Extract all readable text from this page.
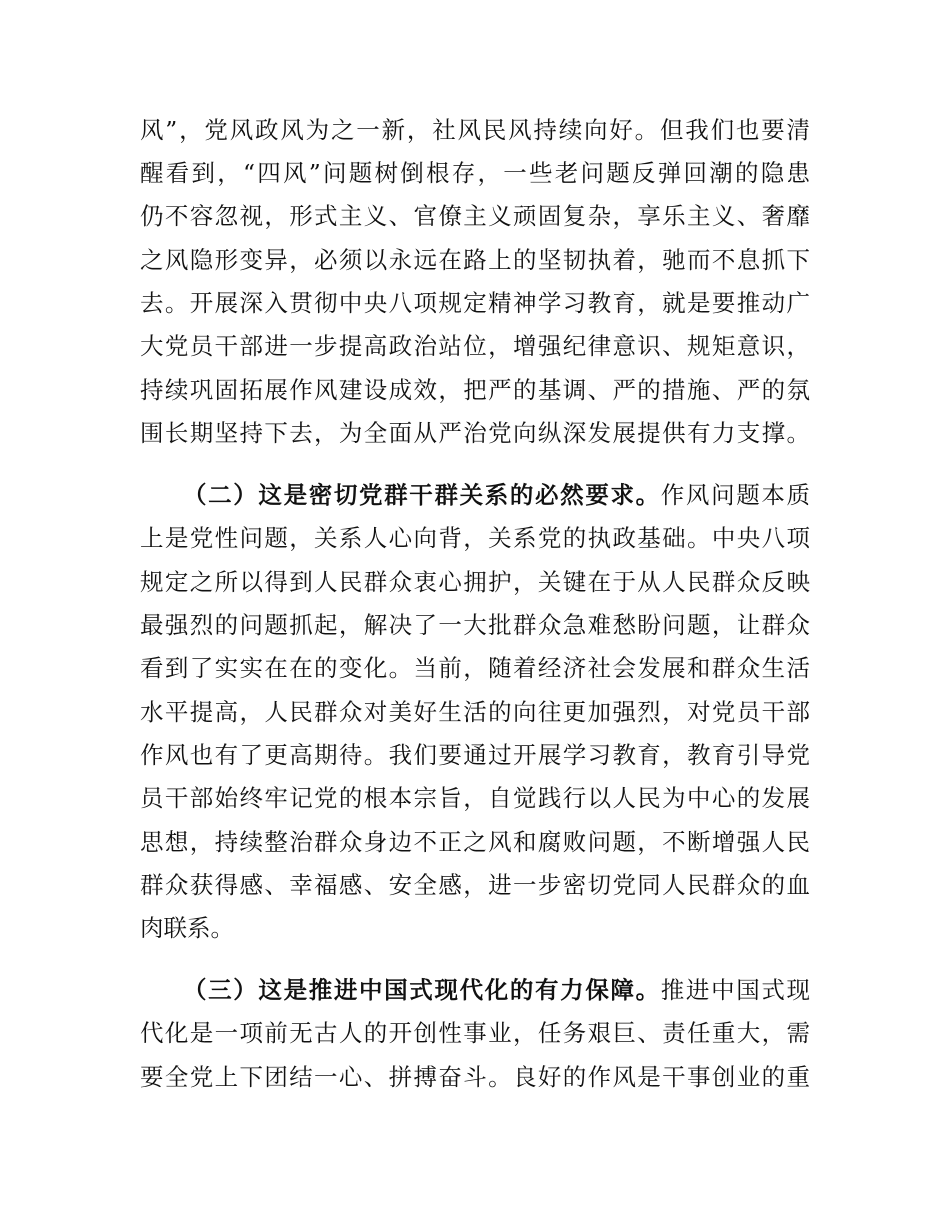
风”，党风政风为之一新，社风民风持续向好。但我们也要清
醒看到，“四风”问题树倒根存，一些老问题反弹回潮的隐患
仍不容忽视，形式主义、官僚主义顽固复杂，享乐主义、奢靡
之风隐形变异，必须以永远在路上的坚韧执着，驰而不息抓下
去。开展深入贯彻中央八项规定精神学习教育，就是要推动广
大党员干部进一步提高政治站位，增强纪律意识、规矩意识，
持续巩固拓展作风建设成效，把严的基调、严的措施、严的氛
围长期坚持下去，为全面从严治党向纵深发展提供有力支撑。
（二）这是密切党群干群关系的必然要求。作风问题本质
上是党性问题，关系人心向背，关系党的执政基础。中央八项
规定之所以得到人民群众衷心拥护，关键在于从人民群众反映
最强烈的问题抓起，解决了一大批群众急难愁盼问题，让群众
看到了实实在在的变化。当前，随着经济社会发展和群众生活
水平提高，人民群众对美好生活的向往更加强烈，对党员干部
作风也有了更高期待。我们要通过开展学习教育，教育引导党
员干部始终牢记党的根本宗旨，自觉践行以人民为中心的发展
思想，持续整治群众身边不正之风和腐败问题，不断增强人民
群众获得感、幸福感、安全感，进一步密切党同人民群众的血
肉联系。
（三）这是推进中国式现代化的有力保障。推进中国式现
代化是一项前无古人的开创性事业，任务艰巨、责任重大，需
要全党上下团结一心、拼搏奋斗。良好的作风是干事创业的重
